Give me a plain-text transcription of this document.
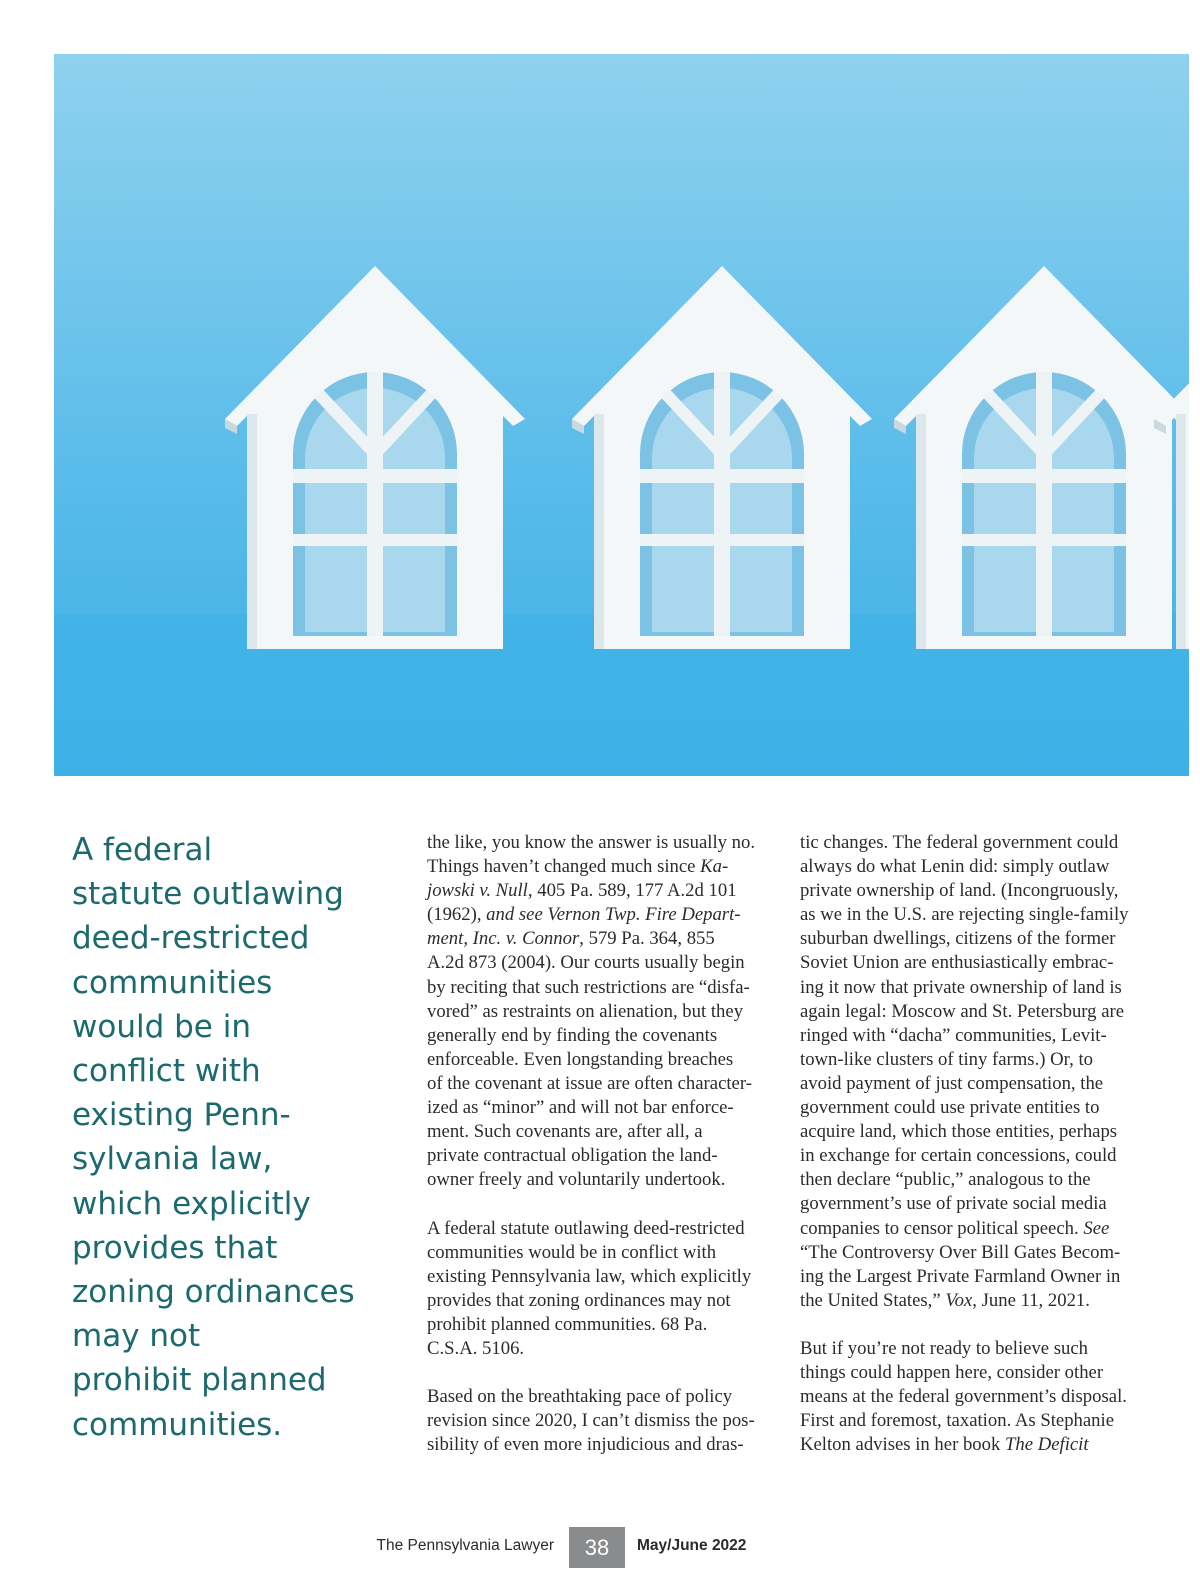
A federal
statute outlawing
deed-restricted
communities
would be in
conflict with
existing Penn-
sylvania law,
which explicitly
provides that
zoning ordinances
may not
prohibit planned
communities.
the like, you know the answer is usually no.
Things haven’t changed much since Ka-
jowski v. Null, 405 Pa. 589, 177 A.2d 101
(1962), and see Vernon Twp. Fire Depart-
ment, Inc. v. Connor, 579 Pa. 364, 855
A.2d 873 (2004). Our courts usually begin
by reciting that such restrictions are “disfa-
vored” as restraints on alienation, but they
generally end by finding the covenants
enforceable. Even longstanding breaches
of the covenant at issue are often character-
ized as “minor” and will not bar enforce-
ment. Such covenants are, after all, a
private contractual obligation the land-
owner freely and voluntarily undertook.
A federal statute outlawing deed-restricted
communities would be in conflict with
existing Pennsylvania law, which explicitly
provides that zoning ordinances may not
prohibit planned communities. 68 Pa.
C.S.A. 5106.
Based on the breathtaking pace of policy
revision since 2020, I can’t dismiss the pos-
sibility of even more injudicious and dras-
tic changes. The federal government could
always do what Lenin did: simply outlaw
private ownership of land. (Incongruously,
as we in the U.S. are rejecting single-family
suburban dwellings, citizens of the former
Soviet Union are enthusiastically embrac-
ing it now that private ownership of land is
again legal: Moscow and St. Petersburg are
ringed with “dacha” communities, Levit-
town-like clusters of tiny farms.) Or, to
avoid payment of just compensation, the
government could use private entities to
acquire land, which those entities, perhaps
in exchange for certain concessions, could
then declare “public,” analogous to the
government’s use of private social media
companies to censor political speech. See
“The Controversy Over Bill Gates Becom-
ing the Largest Private Farmland Owner in
the United States,” Vox, June 11, 2021.
But if you’re not ready to believe such
things could happen here, consider other
means at the federal government’s disposal.
First and foremost, taxation. As Stephanie
Kelton advises in her book The Deficit
The Pennsylvania Lawyer	38	May/June 2022
